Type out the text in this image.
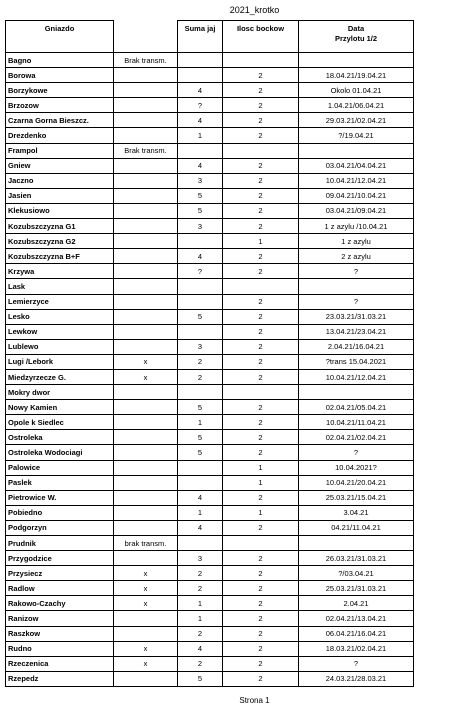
2021_krotko
Gniazdo		Suma jaj	Ilosc bockow	Data
Przylotu 1/2

Bagno	Brak transm.			
Borowa			2	18.04.21/19.04.21
Borzykowe		4	2	Okolo 01.04.21
Brzozow		?	2	1.04.21/06.04.21
Czarna Gorna Bieszcz.		4	2	29.03.21/02.04.21
Drezdenko		1	2	?/19.04.21
Frampol	Brak transm.			
Gniew		4	2	03.04.21/04.04.21
Jaczno		3	2	10.04.21/12.04.21
Jasien		5	2	09.04.21/10.04.21
Klekusiowo		5	2	03.04.21/09.04.21
Kozubszczyzna G1		3	2	1 z azylu /10.04.21
Kozubszczyzna G2			1	1 z azylu
Kozubszczyzna B+F		4	2	2 z azylu
Krzywa		?	2	?
Lask				
Lemierzyce			2	?
Lesko		5	2	23.03.21/31.03.21
Lewkow			2	13.04.21/23.04.21
Lublewo		3	2	2.04.21/16.04.21
Lugi /Lebork	x	2	2	?trans 15.04.2021
Miedzyrzecze G.	x	2	2	10.04.21/12.04.21
Mokry dwor				
Nowy Kamien		5	2	02.04.21/05.04.21
Opole k Siedlec		1	2	10.04.21/11.04.21
Ostroleka		5	2	02.04.21/02.04.21
Ostroleka Wodociagi		5	2	?
Palowice			1	10.04.2021?
Paslek			1	10.04.21/20.04.21
Pietrowice W.		4	2	25.03.21/15.04.21
Pobiedno		1	1	3.04.21
Podgorzyn		4	2	04.21/11.04.21
Prudnik	brak transm.			
Przygodzice		3	2	26.03.21/31.03.21
Przysiecz	x	2	2	?/03.04.21
Radlow	x	2	2	25.03.21/31.03.21
Rakowo-Czachy	x	1	2	2.04.21
Ranizow		1	2	02.04.21/13.04.21
Raszkow		2	2	06.04.21/16.04.21
Rudno	x	4	2	18.03.21/02.04.21
Rzeczenica	x	2	2	?
Rzepedz		5	2	24.03.21/28.03.21
Strona 1
